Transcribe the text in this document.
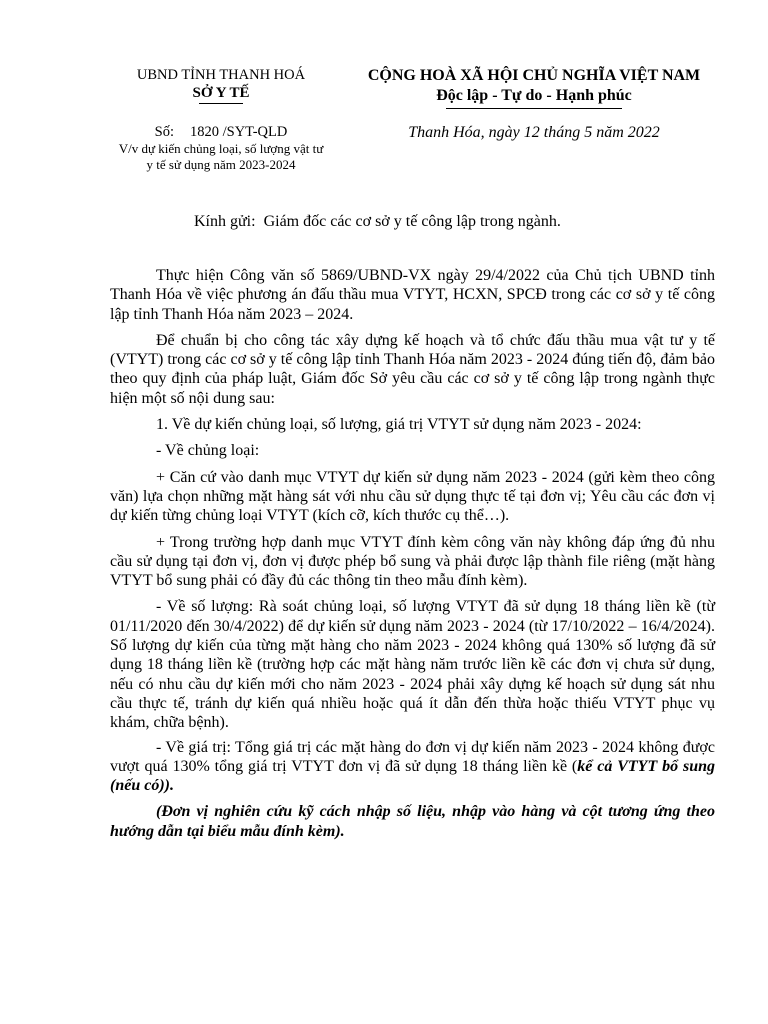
UBND TỈNH THANH HOÁ
SỞ Y TẾ
Số: 1820 /SYT-QLD
V/v dự kiến chủng loại, số lượng vật tư
y tế sử dụng năm 2023-2024
CỘNG HOÀ XÃ HỘI CHỦ NGHĨA VIỆT NAM
Độc lập - Tự do - Hạnh phúc
Thanh Hóa, ngày 12 tháng 5 năm 2022
Kính gửi: Giám đốc các cơ sở y tế công lập trong ngành.

Thực hiện Công văn số 5869/UBND-VX ngày 29/4/2022 của Chủ tịch UBND tỉnh Thanh Hóa về việc phương án đấu thầu mua VTYT, HCXN, SPCĐ trong các cơ sở y tế công lập tỉnh Thanh Hóa năm 2023 – 2024.

Để chuẩn bị cho công tác xây dựng kế hoạch và tổ chức đấu thầu mua vật tư y tế (VTYT) trong các cơ sở y tế công lập tỉnh Thanh Hóa năm 2023 - 2024 đúng tiến độ, đảm bảo theo quy định của pháp luật, Giám đốc Sở yêu cầu các cơ sở y tế công lập trong ngành thực hiện một số nội dung sau:

1. Về dự kiến chủng loại, số lượng, giá trị VTYT sử dụng năm 2023 - 2024:

- Về chủng loại:

+ Căn cứ vào danh mục VTYT dự kiến sử dụng năm 2023 - 2024 (gửi kèm theo công văn) lựa chọn những mặt hàng sát với nhu cầu sử dụng thực tế tại đơn vị; Yêu cầu các đơn vị dự kiến từng chủng loại VTYT (kích cỡ, kích thước cụ thể…).

+ Trong trường hợp danh mục VTYT đính kèm công văn này không đáp ứng đủ nhu cầu sử dụng tại đơn vị, đơn vị được phép bổ sung và phải được lập thành file riêng (mặt hàng VTYT bổ sung phải có đầy đủ các thông tin theo mẫu đính kèm).

- Về số lượng: Rà soát chủng loại, số lượng VTYT đã sử dụng 18 tháng liền kề (từ 01/11/2020 đến 30/4/2022) để dự kiến sử dụng năm 2023 - 2024 (từ 17/10/2022 – 16/4/2024). Số lượng dự kiến của từng mặt hàng cho năm 2023 - 2024 không quá 130% số lượng đã sử dụng 18 tháng liền kề (trường hợp các mặt hàng năm trước liền kề các đơn vị chưa sử dụng, nếu có nhu cầu dự kiến mới cho năm 2023 - 2024 phải xây dựng kế hoạch sử dụng sát nhu cầu thực tế, tránh dự kiến quá nhiều hoặc quá ít dẫn đến thừa hoặc thiếu VTYT phục vụ khám, chữa bệnh).

- Về giá trị: Tổng giá trị các mặt hàng do đơn vị dự kiến năm 2023 - 2024 không được vượt quá 130% tổng giá trị VTYT đơn vị đã sử dụng 18 tháng liền kề (kể cả VTYT bổ sung (nếu có)).

(Đơn vị nghiên cứu kỹ cách nhập số liệu, nhập vào hàng và cột tương ứng theo hướng dẫn tại biểu mẫu đính kèm).
